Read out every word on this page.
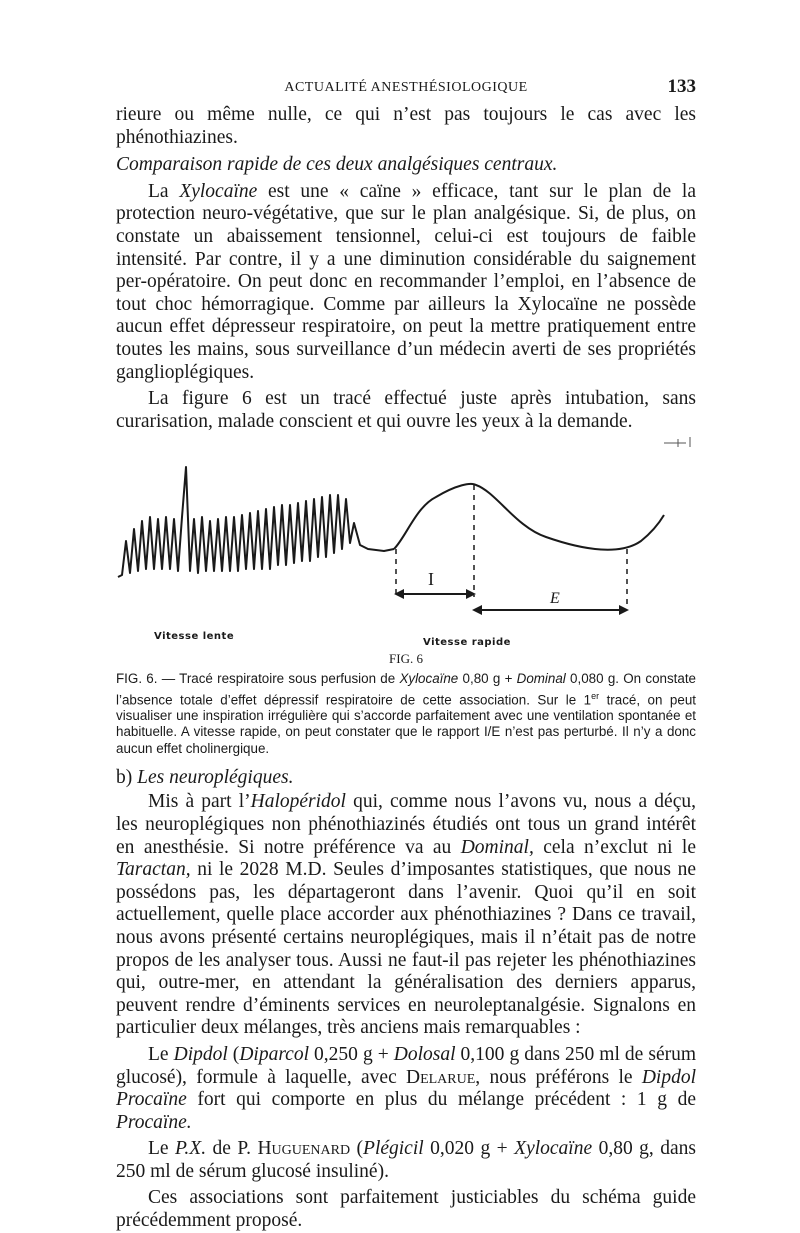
ACTUALITÉ ANESTHÉSIOLOGIQUE	133

rieure ou même nulle, ce qui n’est pas toujours le cas avec les phénothiazines.

Comparaison rapide de ces deux analgésiques centraux.

La Xylocaïne est une « caïne » efficace, tant sur le plan de la protection neuro-végétative, que sur le plan analgésique. Si, de plus, on constate un abaissement tensionnel, celui-ci est toujours de faible intensité. Par contre, il y a une diminution considérable du saignement per-opératoire. On peut donc en recommander l’emploi, en l’absence de tout choc hémorragique. Comme par ailleurs la Xylocaïne ne possède aucun effet dépresseur respiratoire, on peut la mettre pratiquement entre toutes les mains, sous surveillance d’un médecin averti de ses propriétés ganglioplégiques.

La figure 6 est un tracé effectué juste après intubation, sans curarisation, malade conscient et qui ouvre les yeux à la demande.

I
E
Vitesse lente
Vitesse rapide
FIG. 6

FIG. 6. — Tracé respiratoire sous perfusion de Xylocaïne 0,80 g + Dominal 0,080 g. On constate l’absence totale d’effet dépressif respiratoire de cette association. Sur le 1er tracé, on peut visualiser une inspiration irrégulière qui s’accorde parfaitement avec une ventilation spontanée et habituelle. A vitesse rapide, on peut constater que le rapport I/E n’est pas perturbé. Il n’y a donc aucun effet cholinergique.

b) Les neuroplégiques.

Mis à part l’Halopéridol qui, comme nous l’avons vu, nous a déçu, les neuroplégiques non phénothiazinés étudiés ont tous un grand intérêt en anesthésie. Si notre préférence va au Dominal, cela n’exclut ni le Taractan, ni le 2028 M.D. Seules d’imposantes statistiques, que nous ne possédons pas, les départageront dans l’avenir. Quoi qu’il en soit actuellement, quelle place accorder aux phénothiazines ? Dans ce travail, nous avons présenté certains neuroplégiques, mais il n’était pas de notre propos de les analyser tous. Aussi ne faut-il pas rejeter les phénothiazines qui, outre-mer, en attendant la généralisation des derniers apparus, peuvent rendre d’éminents services en neuroleptanalgésie. Signalons en particulier deux mélanges, très anciens mais remarquables :

Le Dipdol (Diparcol 0,250 g + Dolosal 0,100 g dans 250 ml de sérum glucosé), formule à laquelle, avec Delarue, nous préférons le Dipdol Procaïne fort qui comporte en plus du mélange précédent : 1 g de Procaïne.

Le P.X. de P. Huguenard (Plégicil 0,020 g + Xylocaïne 0,80 g, dans 250 ml de sérum glucosé insuliné).

Ces associations sont parfaitement justiciables du schéma guide précédemment proposé.
